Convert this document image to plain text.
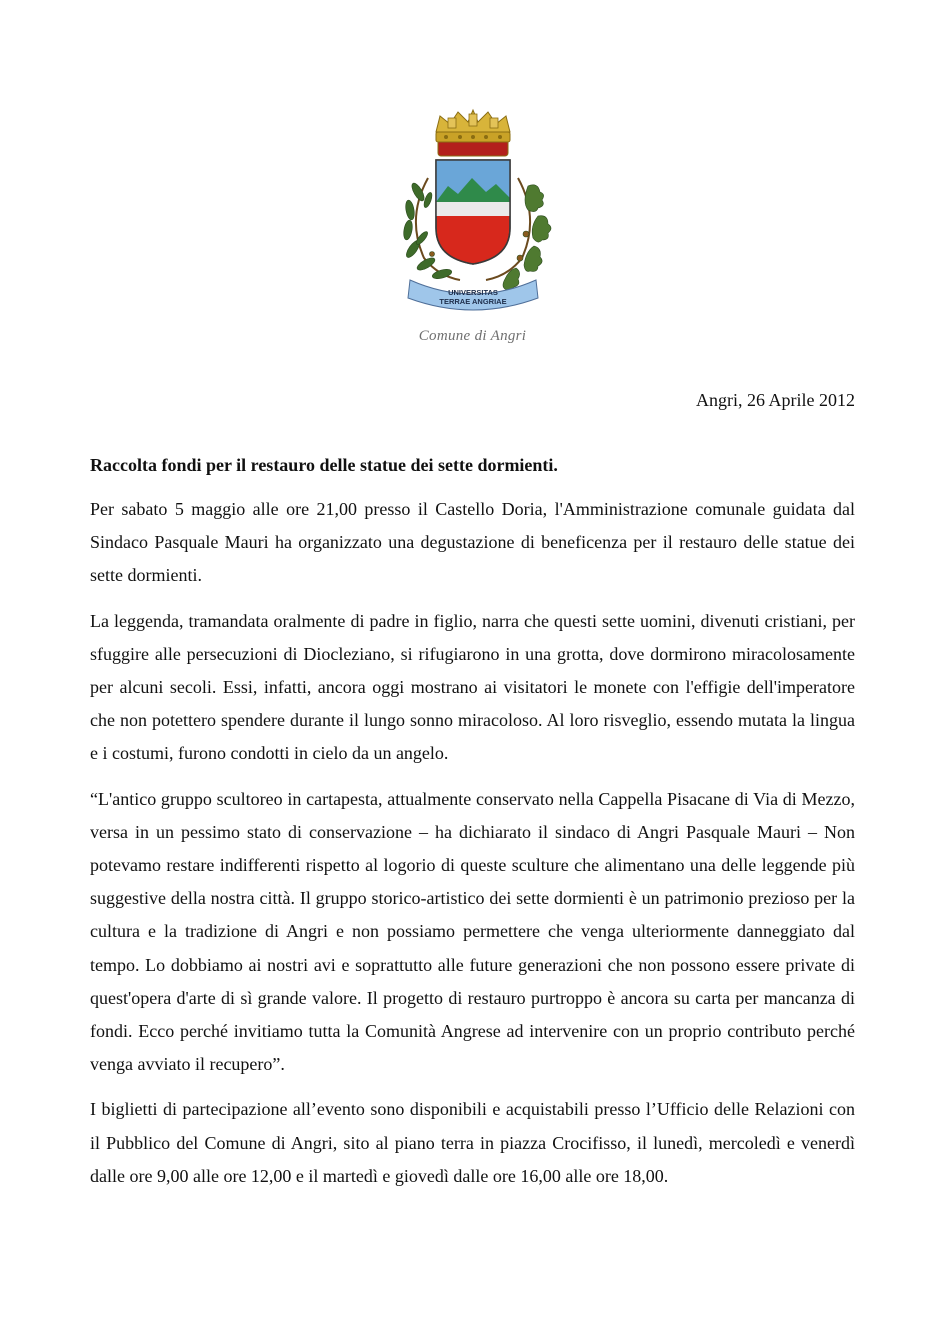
UNIVERSITAS
TERRAE ANGRIAE
Comune di Angri
Angri, 26 Aprile 2012

Raccolta fondi per il restauro delle statue dei sette dormienti.

Per sabato 5 maggio alle ore 21,00 presso il Castello Doria, l'Amministrazione comunale guidata dal Sindaco Pasquale Mauri ha organizzato una degustazione di beneficenza per il restauro delle statue dei sette dormienti.

La leggenda, tramandata oralmente di padre in figlio, narra che questi sette uomini, divenuti cristiani, per sfuggire alle persecuzioni di Diocleziano, si rifugiarono in una grotta, dove dormirono miracolosamente per alcuni secoli. Essi, infatti, ancora oggi mostrano ai visitatori le monete con l'effigie dell'imperatore che non potettero spendere durante il lungo sonno miracoloso. Al loro risveglio, essendo mutata la lingua e i costumi, furono condotti in cielo da un angelo.

“L'antico gruppo scultoreo in cartapesta, attualmente conservato nella Cappella Pisacane di Via di Mezzo, versa in un pessimo stato di conservazione – ha dichiarato il sindaco di Angri Pasquale Mauri – Non potevamo restare indifferenti rispetto al logorio di queste sculture che alimentano una delle leggende più suggestive della nostra città. Il gruppo storico-artistico dei sette dormienti è un patrimonio prezioso per la cultura e la tradizione di Angri e non possiamo permettere che venga ulteriormente danneggiato dal tempo. Lo dobbiamo ai nostri avi e soprattutto alle future generazioni che non possono essere private di quest'opera d'arte di sì grande valore. Il progetto di restauro purtroppo è ancora su carta per mancanza di fondi. Ecco perché invitiamo tutta la Comunità Angrese ad intervenire con un proprio contributo perché venga avviato il recupero”.

I biglietti di partecipazione all’evento sono disponibili e acquistabili presso l’Ufficio delle Relazioni con il Pubblico del Comune di Angri, sito al piano terra in piazza Crocifisso, il lunedì, mercoledì e venerdì dalle ore 9,00 alle ore 12,00 e il martedì e giovedì dalle ore 16,00 alle ore 18,00.
